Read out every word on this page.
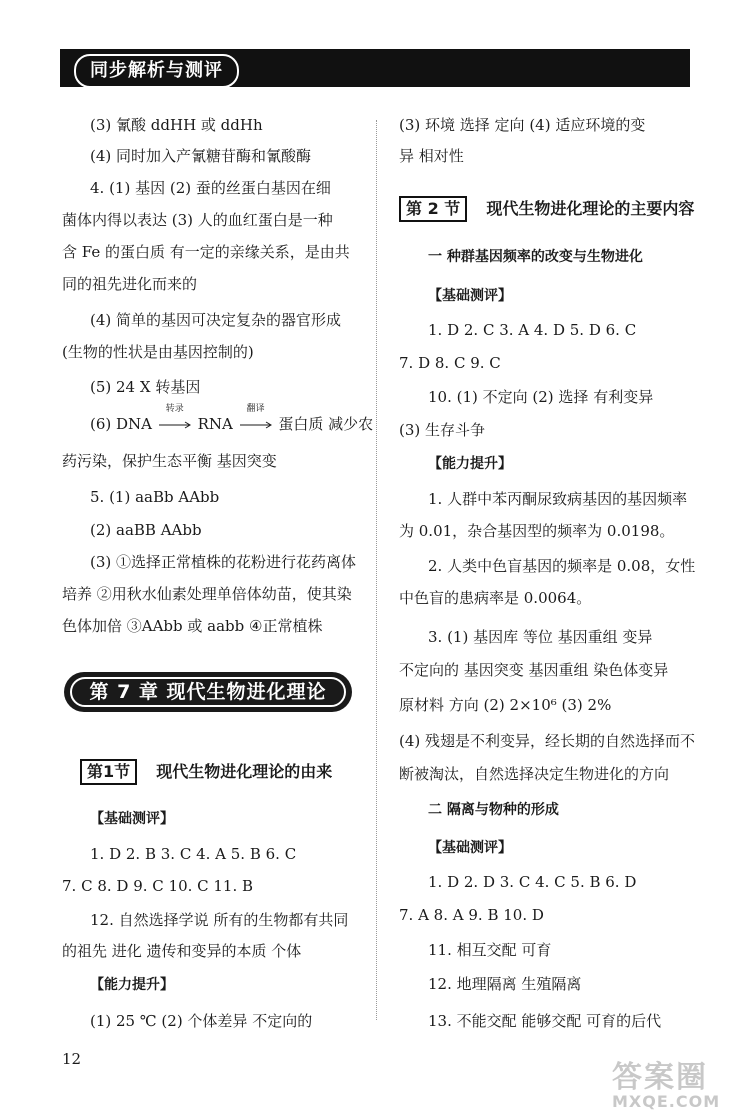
同步解析与测评
(3) 氰酸 ddHH 或 ddHh
(4) 同时加入产氰糖苷酶和氰酸酶
4. (1) 基因 (2) 蚕的丝蛋白基因在细
菌体内得以表达 (3) 人的血红蛋白是一种
含 Fe 的蛋白质 有一定的亲缘关系，是由共
同的祖先进化而来的
(4) 简单的基因可决定复杂的器官形成
(生物的性状是由基因控制的)
(5) 24 X 转基因
(6) DNA
转录
RNA
翻译
蛋白质 减少农
药污染，保护生态平衡 基因突变
5. (1) aaBb AAbb
(2) aaBB AAbb
(3) ①选择正常植株的花粉进行花药离体
培养 ②用秋水仙素处理单倍体幼苗，使其染
色体加倍 ③AAbb 或 aabb ④正常植株
第 7 章 现代生物进化理论
第1节 现代生物进化理论的由来
【基础测评】
1. D 2. B 3. C 4. A 5. B 6. C
7. C 8. D 9. C 10. C 11. B
12. 自然选择学说 所有的生物都有共同
的祖先 进化 遗传和变异的本质 个体
【能力提升】
(1) 25 ℃ (2) 个体差异 不定向的
(3) 环境 选择 定向 (4) 适应环境的变
异 相对性
第 2 节 现代生物进化理论的主要内容
一 种群基因频率的改变与生物进化
【基础测评】
1. D 2. C 3. A 4. D 5. D 6. C
7. D 8. C 9. C
10. (1) 不定向 (2) 选择 有利变异
(3) 生存斗争
【能力提升】
1. 人群中苯丙酮尿致病基因的基因频率
为 0.01，杂合基因型的频率为 0.0198。
2. 人类中色盲基因的频率是 0.08，女性
中色盲的患病率是 0.0064。
3. (1) 基因库 等位 基因重组 变异
不定向的 基因突变 基因重组 染色体变异
原材料 方向 (2) 2×10⁶ (3) 2%
(4) 残翅是不利变异，经长期的自然选择而不
断被淘汰，自然选择决定生物进化的方向
二 隔离与物种的形成
【基础测评】
1. D 2. D 3. C 4. C 5. B 6. D
7. A 8. A 9. B 10. D
11. 相互交配 可育
12. 地理隔离 生殖隔离
13. 不能交配 能够交配 可育的后代
12
答案圈
MXQE.COM
